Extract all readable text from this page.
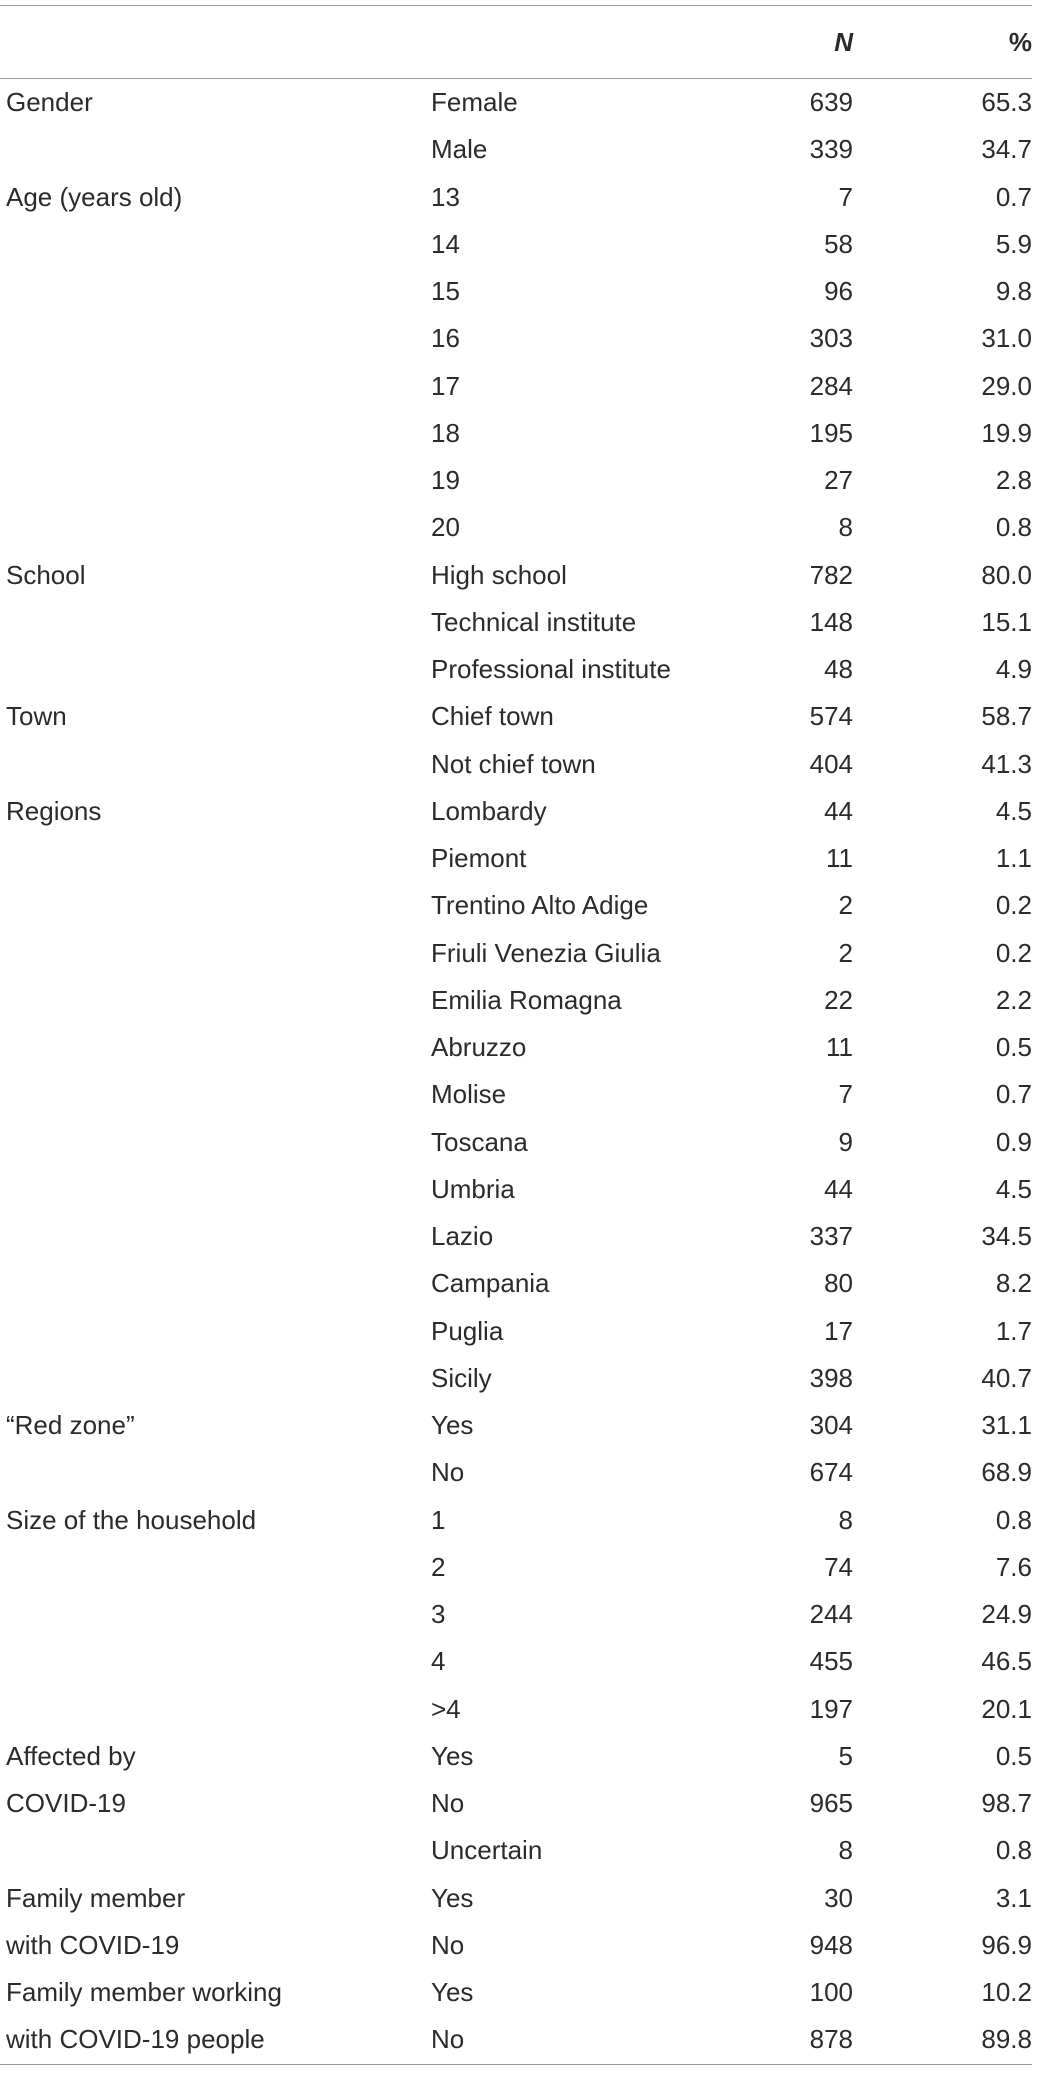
		N	%
Gender	Female	639	65.3
	Male	339	34.7
Age (years old)	13	7	0.7
	14	58	5.9
	15	96	9.8
	16	303	31.0
	17	284	29.0
	18	195	19.9
	19	27	2.8
	20	8	0.8
School	High school	782	80.0
	Technical institute	148	15.1
	Professional institute	48	4.9
Town	Chief town	574	58.7
	Not chief town	404	41.3
Regions	Lombardy	44	4.5
	Piemont	11	1.1
	Trentino Alto Adige	2	0.2
	Friuli Venezia Giulia	2	0.2
	Emilia Romagna	22	2.2
	Abruzzo	11	0.5
	Molise	7	0.7
	Toscana	9	0.9
	Umbria	44	4.5
	Lazio	337	34.5
	Campania	80	8.2
	Puglia	17	1.7
	Sicily	398	40.7
“Red zone”	Yes	304	31.1
	No	674	68.9
Size of the household	1	8	0.8
	2	74	7.6
	3	244	24.9
	4	455	46.5
	>4	197	20.1
Affected by	Yes	5	0.5
COVID-19	No	965	98.7
	Uncertain	8	0.8
Family member	Yes	30	3.1
with COVID-19	No	948	96.9
Family member working	Yes	100	10.2
with COVID-19 people	No	878	89.8
